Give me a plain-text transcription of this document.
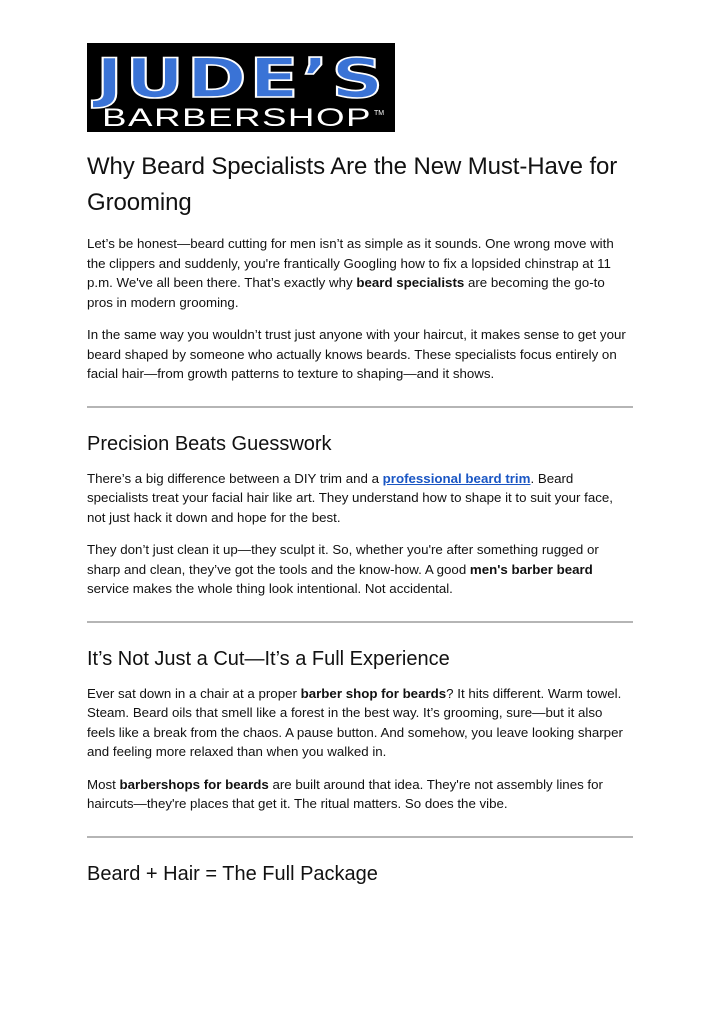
JUDE’S
BARBERSHOP TM
Why Beard Specialists Are the New Must-Have for Grooming

Let’s be honest—beard cutting for men isn’t as simple as it sounds. One wrong move with the clippers and suddenly, you're frantically Googling how to fix a lopsided chinstrap at 11 p.m. We've all been there. That’s exactly why beard specialists are becoming the go-to pros in modern grooming.

In the same way you wouldn’t trust just anyone with your haircut, it makes sense to get your beard shaped by someone who actually knows beards. These specialists focus entirely on facial hair—from growth patterns to texture to shaping—and it shows.

Precision Beats Guesswork

There’s a big difference between a DIY trim and a professional beard trim. Beard specialists treat your facial hair like art. They understand how to shape it to suit your face, not just hack it down and hope for the best.

They don’t just clean it up—they sculpt it. So, whether you're after something rugged or sharp and clean, they’ve got the tools and the know-how. A good men's barber beard service makes the whole thing look intentional. Not accidental.

It’s Not Just a Cut—It’s a Full Experience

Ever sat down in a chair at a proper barber shop for beards? It hits different. Warm towel. Steam. Beard oils that smell like a forest in the best way. It’s grooming, sure—but it also feels like a break from the chaos. A pause button. And somehow, you leave looking sharper and feeling more relaxed than when you walked in.

Most barbershops for beards are built around that idea. They're not assembly lines for haircuts—they're places that get it. The ritual matters. So does the vibe.

Beard + Hair = The Full Package
